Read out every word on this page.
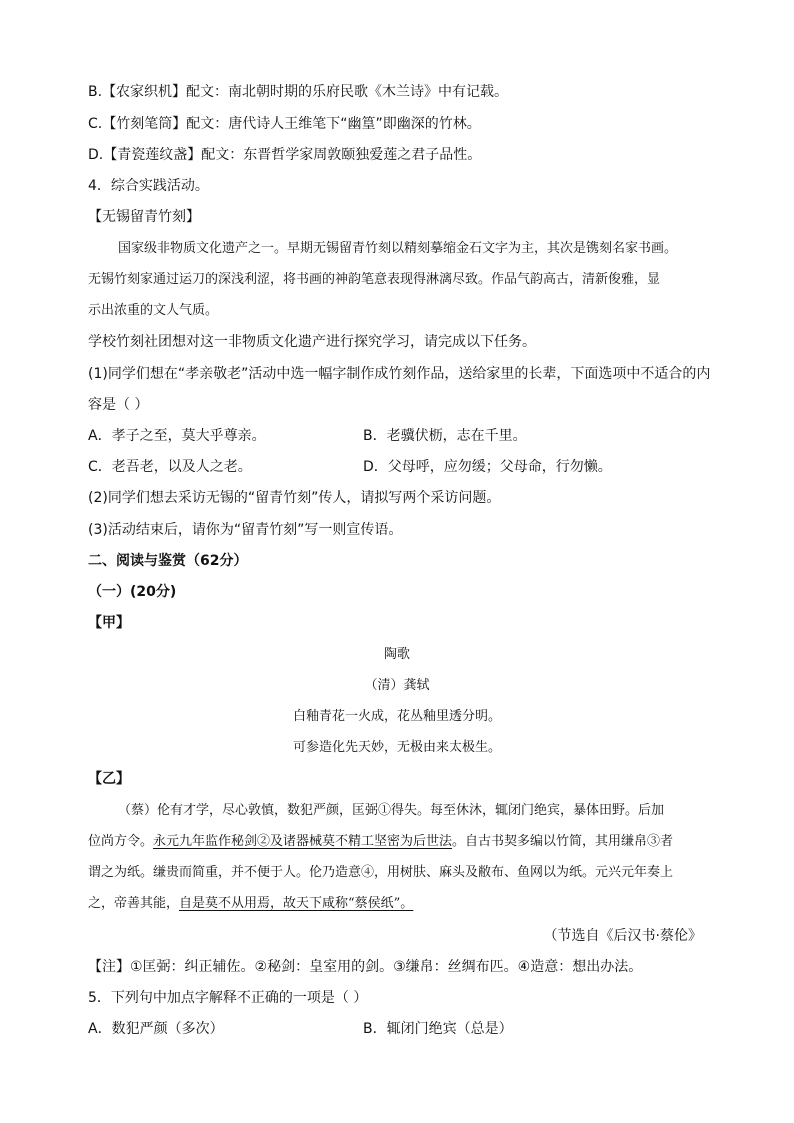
B.【农家织机】配文：南北朝时期的乐府民歌《木兰诗》中有记载。
C.【竹刻笔筒】配文：唐代诗人王维笔下“幽篁”即幽深的竹林。
D.【青瓷莲纹盏】配文：东晋哲学家周敦颐独爱莲之君子品性。
4．综合实践活动。
【无锡留青竹刻】
国家级非物质文化遗产之一。早期无锡留青竹刻以精刻摹缩金石文字为主，其次是镌刻名家书画。
无锡竹刻家通过运刀的深浅利涩，将书画的神韵笔意表现得淋漓尽致。作品气韵高古，清新俊雅，显
示出浓重的文人气质。
学校竹刻社团想对这一非物质文化遗产进行探究学习，请完成以下任务。
(1)同学们想在“孝亲敬老”活动中选一幅字制作成竹刻作品，送给家里的长辈，下面选项中不适合的内
容是（ ）
A．孝子之至，莫大乎尊亲。	B．老骥伏枥，志在千里。
C．老吾老，以及人之老。	D．父母呼，应勿缓；父母命，行勿懒。
(2)同学们想去采访无锡的“留青竹刻”传人，请拟写两个采访问题。
(3)活动结束后，请你为“留青竹刻”写一则宣传语。
二、阅读与鉴赏（62分）
（一）(20分)
【甲】
陶歌
（清）龚轼
白釉青花一火成，花丛釉里透分明。
可参造化先天妙，无极由来太极生。
【乙】
（蔡）伦有才学，尽心敦慎，数犯严颜，匡弼①得失。每至休沐，辄闭门绝宾，暴体田野。后加
位尚方令。永元九年监作秘剑②及诸器械莫不精工坚密为后世法。自古书契多编以竹简，其用缣帛③者
谓之为纸。缣贵而简重，并不便于人。伦乃造意④，用树肤、麻头及敝布、鱼网以为纸。元兴元年奏上
之，帝善其能，自是莫不从用焉，故天下咸称“蔡侯纸”。
（节选自《后汉书·蔡伦》
【注】①匡弼：纠正辅佐。②秘剑：皇室用的剑。③缣帛：丝绸布匹。④造意：想出办法。
5．下列句中加点字解释不正确的一项是（ ）
A．数犯严颜（多次）	B．辄闭门绝宾（总是）
